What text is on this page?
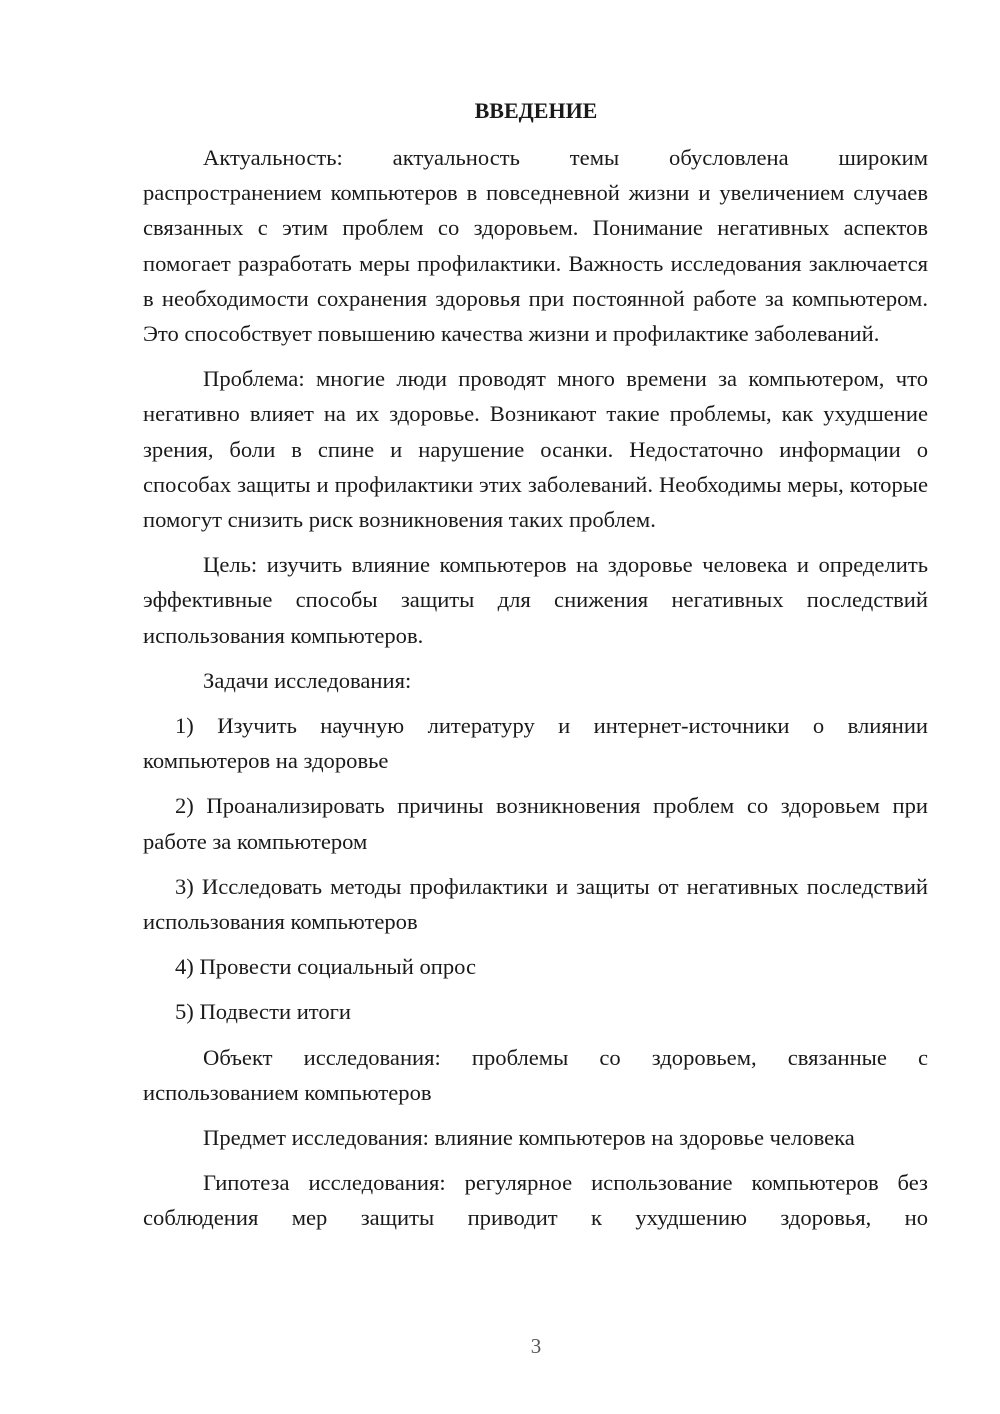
ВВЕДЕНИЕ

Актуальность: актуальность темы обусловлена широким распространением компьютеров в повседневной жизни и увеличением случаев связанных с этим проблем со здоровьем. Понимание негативных аспектов помогает разработать меры профилактики. Важность исследования заключается в необходимости сохранения здоровья при постоянной работе за компьютером. Это способствует повышению качества жизни и профилактике заболеваний.

Проблема: многие люди проводят много времени за компьютером, что негативно влияет на их здоровье. Возникают такие проблемы, как ухудшение зрения, боли в спине и нарушение осанки. Недостаточно информации о способах защиты и профилактики этих заболеваний. Необходимы меры, которые помогут снизить риск возникновения таких проблем.

Цель: изучить влияние компьютеров на здоровье человека и определить эффективные способы защиты для снижения негативных последствий использования компьютеров.

Задачи исследования:

1) Изучить научную литературу и интернет-источники о влиянии компьютеров на здоровье

2) Проанализировать причины возникновения проблем со здоровьем при работе за компьютером

3) Исследовать методы профилактики и защиты от негативных последствий использования компьютеров

4) Провести социальный опрос

5) Подвести итоги

Объект исследования: проблемы со здоровьем, связанные с использованием компьютеров

Предмет исследования: влияние компьютеров на здоровье человека

Гипотеза исследования: регулярное использование компьютеров без соблюдения мер защиты приводит к ухудшению здоровья, но

3
